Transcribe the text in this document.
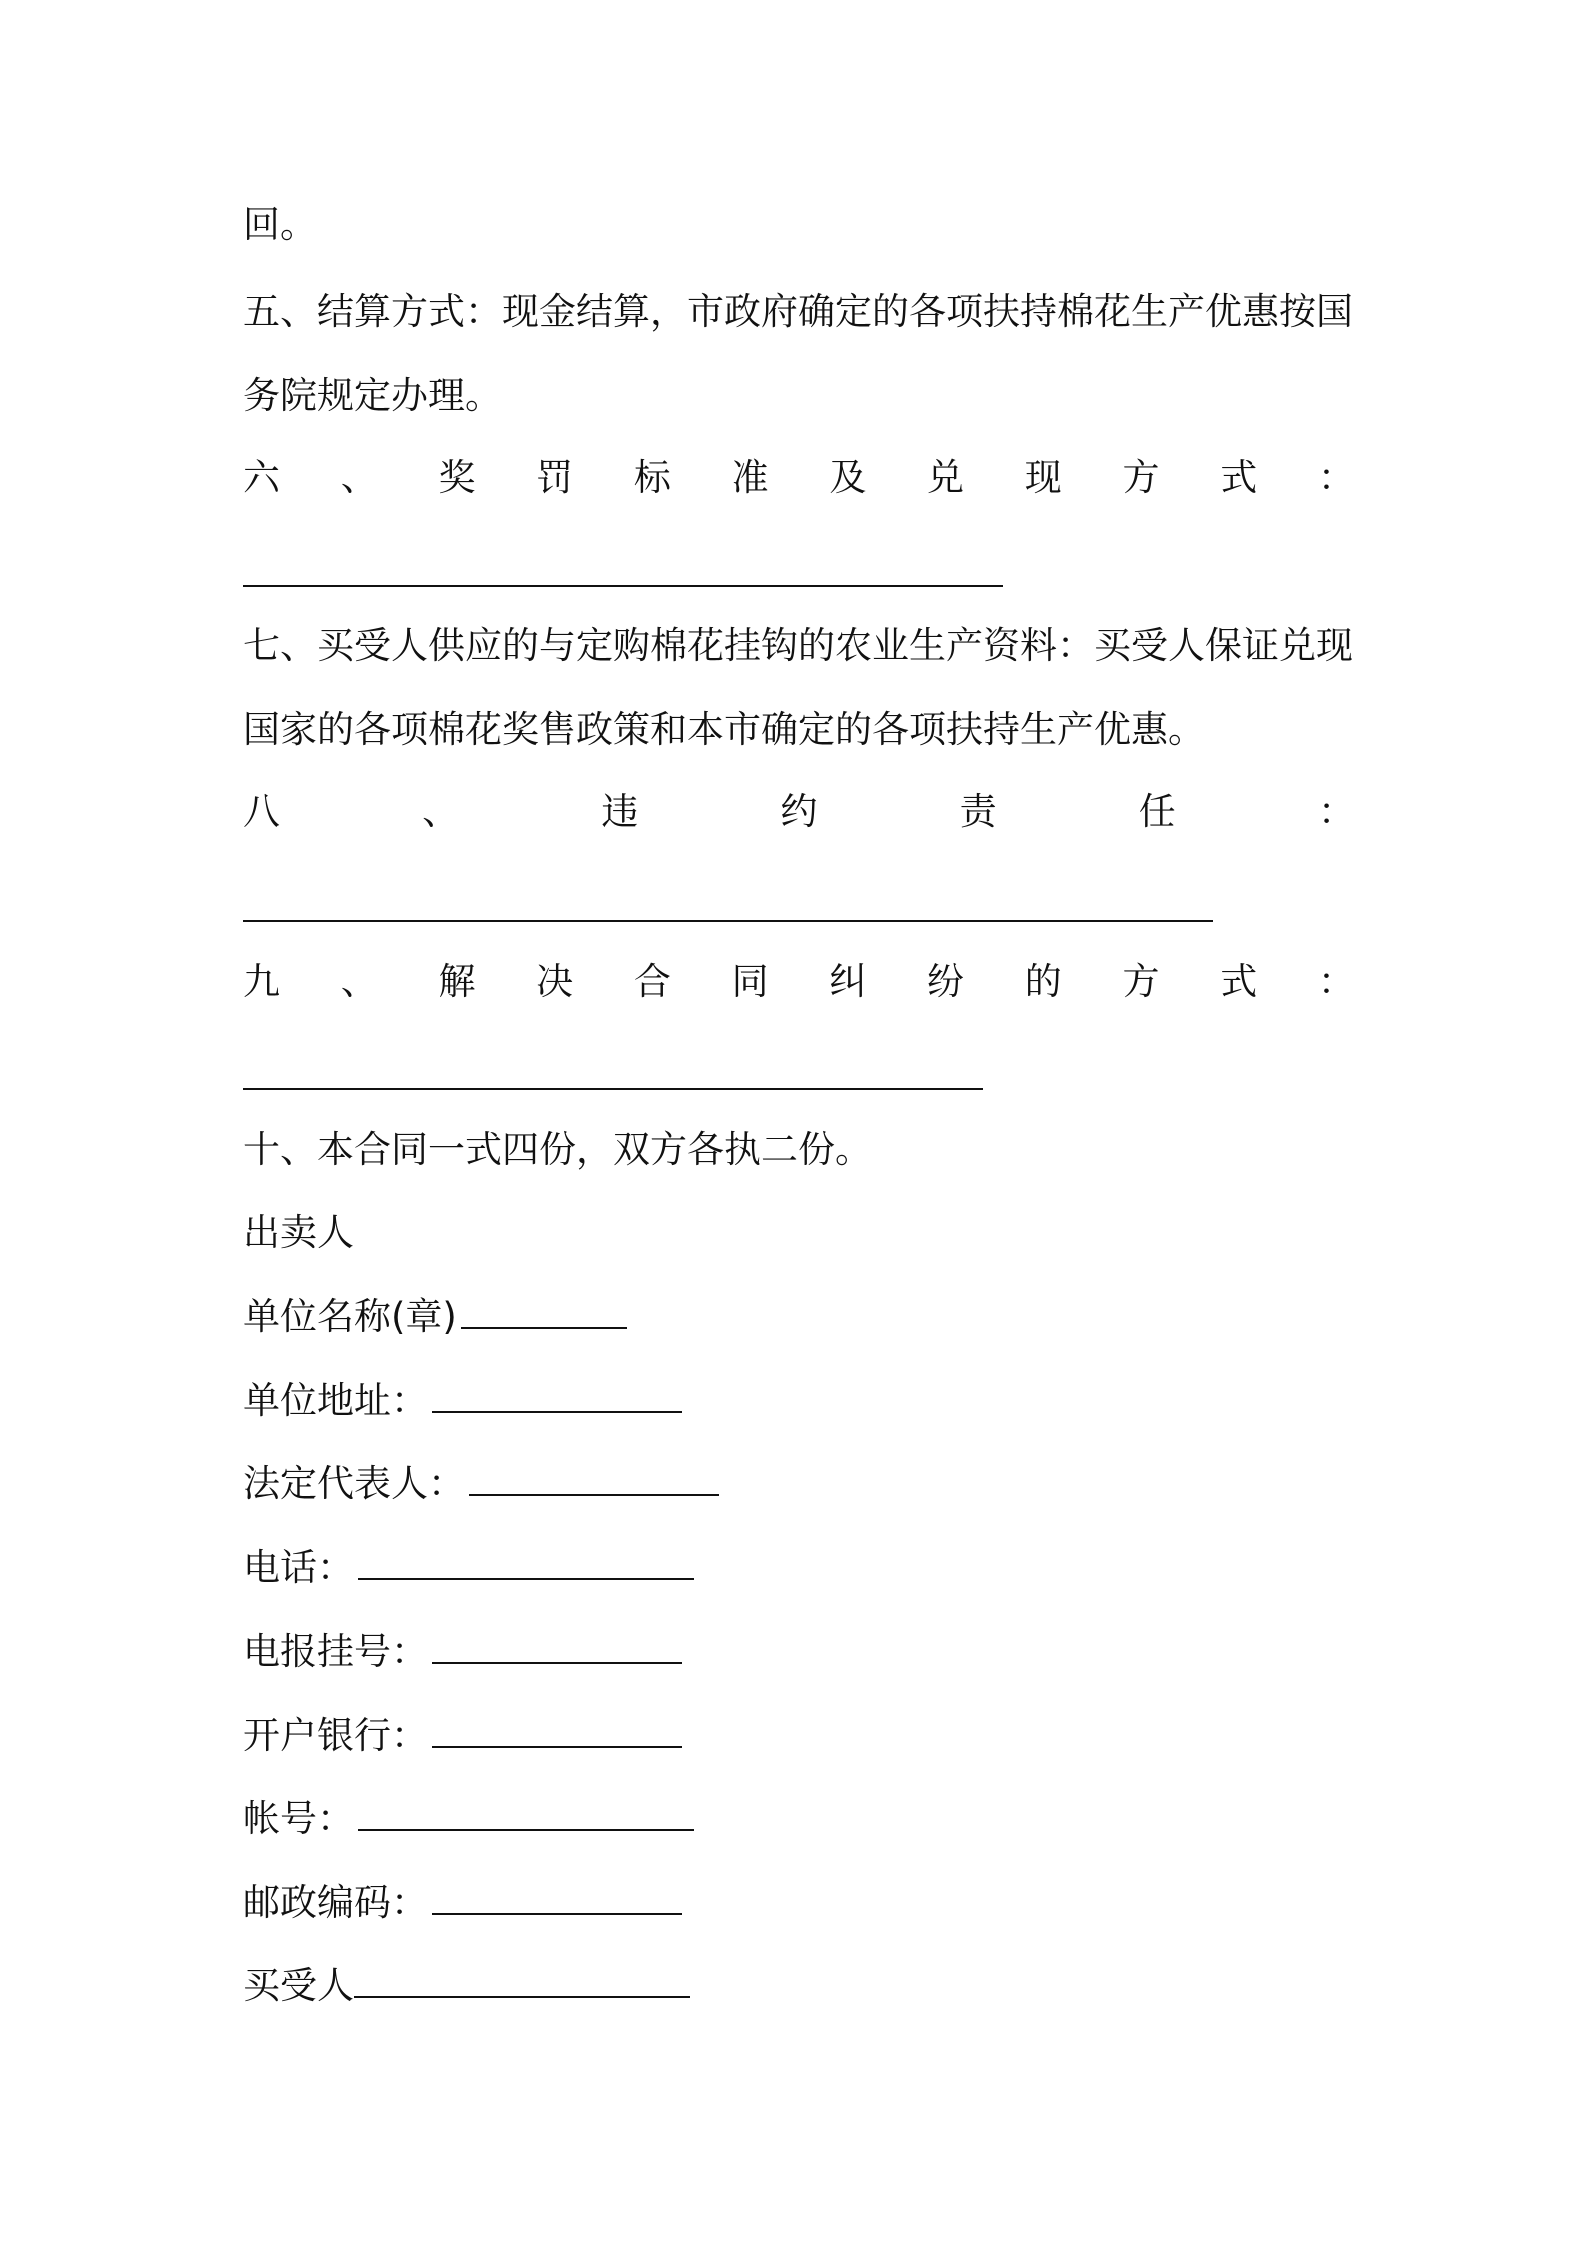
回。
五、结算方式：现金结算，市政府确定的各项扶持棉花生产优惠按国
务院规定办理。
六 、 奖 罚 标 准 及 兑 现 方 式 ：
七、买受人供应的与定购棉花挂钩的农业生产资料：买受人保证兑现
国家的各项棉花奖售政策和本市确定的各项扶持生产优惠。
八	、	违	约	责	任	：
九 、 解 决 合 同 纠 纷 的 方 式 ：
十、本合同一式四份，双方各执二份。
出卖人
单位名称(章)
单位地址：
法定代表人：
电话：
电报挂号：
开户银行：
帐号：
邮政编码：
买受人
